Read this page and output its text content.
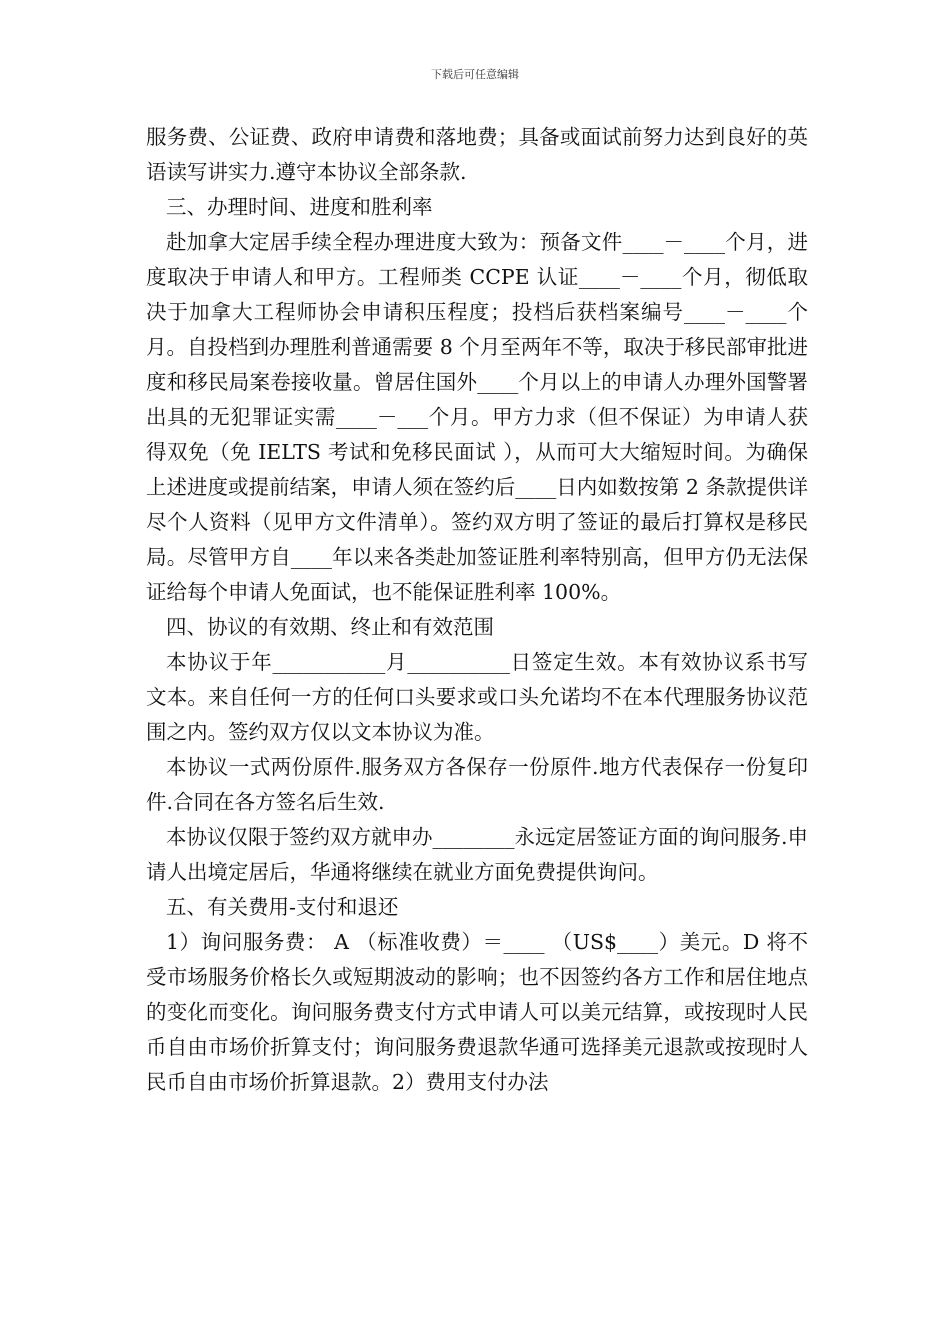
下载后可任意编辑

服务费、公证费、政府申请费和落地费；具备或面试前努力达到良好的英语读写讲实力.遵守本协议全部条款.

三、办理时间、进度和胜利率

赴加拿大定居手续全程办理进度大致为：预备文件____－____个月，进度取决于申请人和甲方。工程师类 CCPE 认证____－____个月，彻低取决于加拿大工程师协会申请积压程度；投档后获档案编号____－____个月。自投档到办理胜利普通需要 8 个月至两年不等，取决于移民部审批进度和移民局案卷接收量。曾居住国外____个月以上的申请人办理外国警署出具的无犯罪证实需____－___个月。甲方力求（但不保证）为申请人获得双免（免 IELTS 考试和免移民面试 ），从而可大大缩短时间。为确保上述进度或提前结案，申请人须在签约后____日内如数按第 2 条款提供详尽个人资料（见甲方文件清单）。签约双方明了签证的最后打算权是移民局。尽管甲方自____年以来各类赴加签证胜利率特别高，但甲方仍无法保证给每个申请人免面试，也不能保证胜利率 100%。

四、协议的有效期、终止和有效范围

本协议于年___________月__________日签定生效。本有效协议系书写文本。来自任何一方的任何口头要求或口头允诺均不在本代理服务协议范围之内。签约双方仅以文本协议为准。

本协议一式两份原件.服务双方各保存一份原件.地方代表保存一份复印件.合同在各方签名后生效.

本协议仅限于签约双方就申办________永远定居签证方面的询问服务.申请人出境定居后，华通将继续在就业方面免费提供询问。

五、有关费用-支付和退还

1）询问服务费： A （标准收费）＝____ （US$____）美元。D 将不受市场服务价格长久或短期波动的影响；也不因签约各方工作和居住地点的变化而变化。询问服务费支付方式申请人可以美元结算，或按现时人民币自由市场价折算支付；询问服务费退款华通可选择美元退款或按现时人民币自由市场价折算退款。2）费用支付办法
